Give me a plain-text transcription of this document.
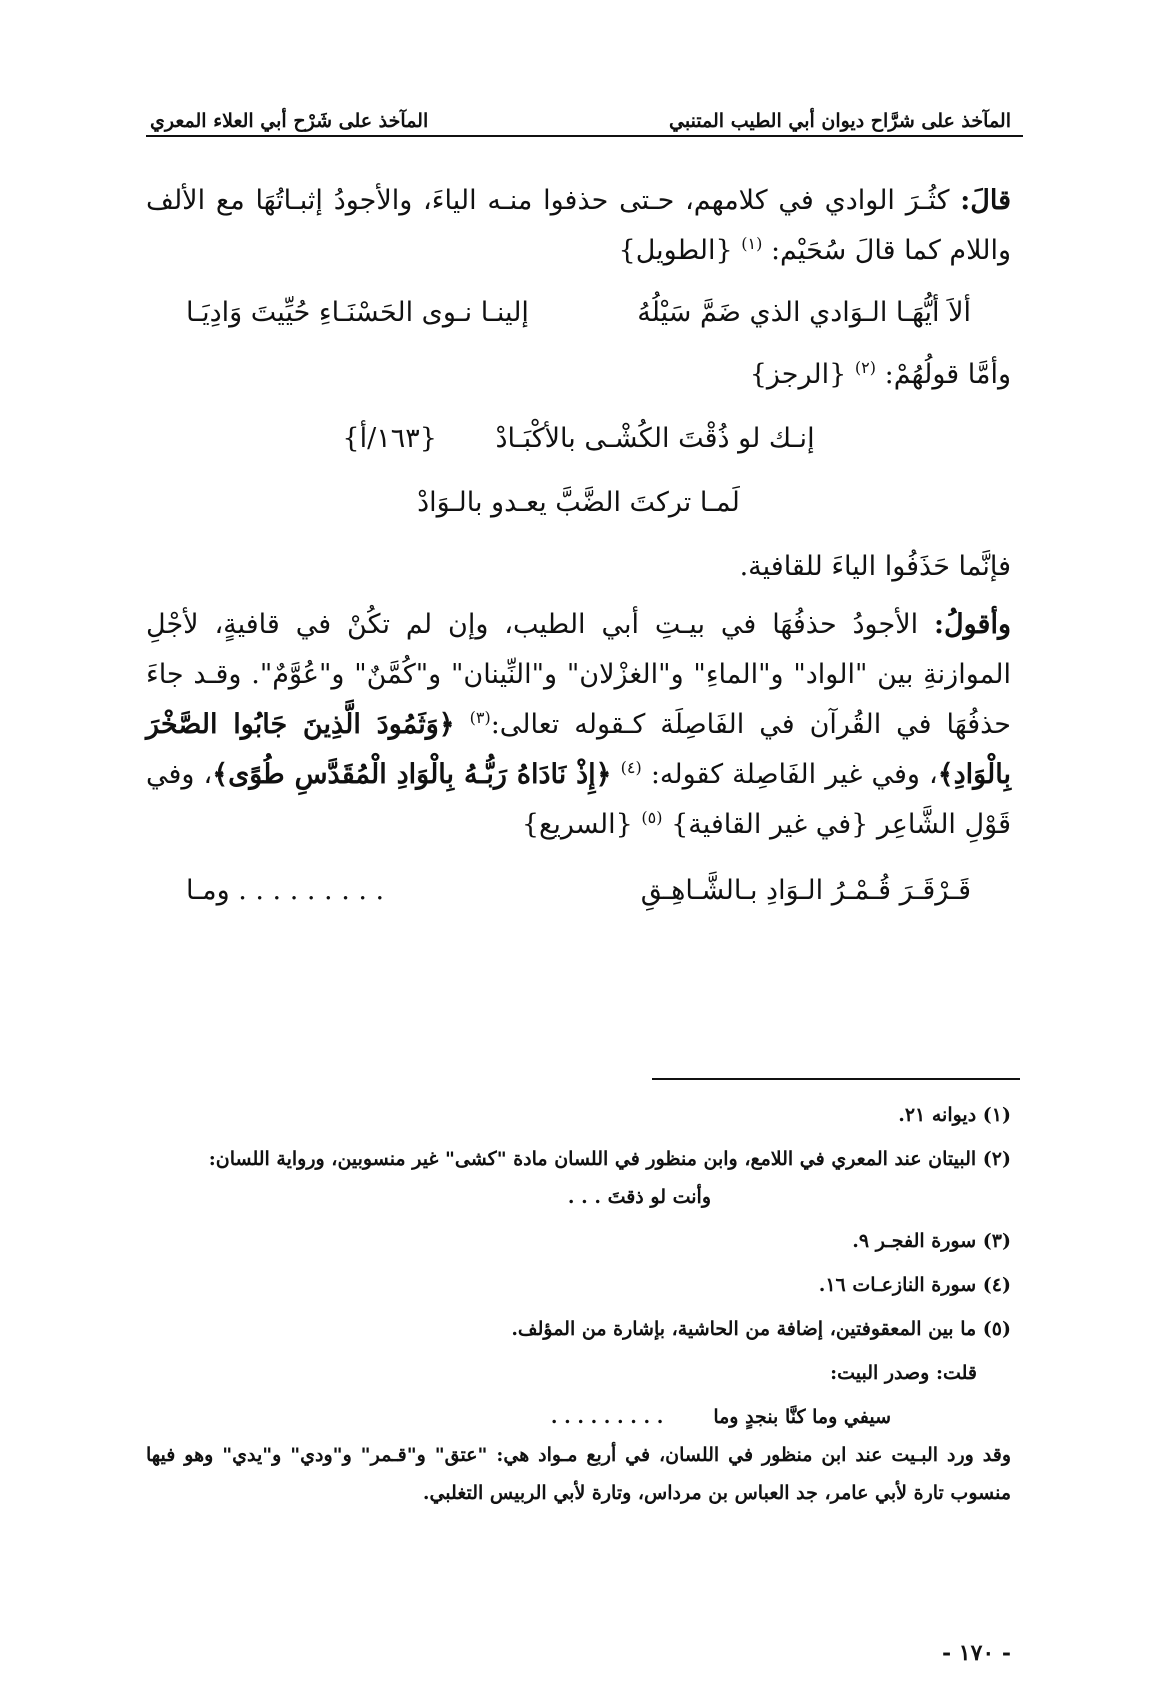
المآخذ على شرَّاح ديوان أبي الطيب المتنبي
المآخذ على شَرْح أبي العلاء المعري

قالَ: كثُـرَ الوادي في كلامهم، حـتى حذفوا منـه الياءَ، والأجودُ إثبـاتُهَا مع الألف واللام كما قالَ سُحَيْم: $^{(١)}$ {الطويل}

ألاَ أيُّهَـا الـوَادي الذي ضَمَّ سَيْلُهُ
إلينـا نـوى الحَسْنَـاءِ حُيِّيتَ وَادِيَـا

وأمَّا قولُهُمْ: $^{(٢)}$ {الرجز}

إنـك لو ذُقْتَ الكُشْـى بالأكْبَـادْ {١٦٣/أ}
لَمـا تركتَ الضَّبَّ يعـدو بالـوَادْ

فإنَّما حَذَفُوا الياءَ للقافية.

وأقولُ: الأجودُ حذفُهَا في بيـتِ أبي الطيب، وإن لم تكُنْ في قافيةٍ، لأجْلِ الموازنةِ بين "الواد" و"الماءِ" و"الغزْلان" و"النِّينان" و"كُمَّنٌ" و"عُوَّمٌ". وقـد جاءَ حذفُهَا في القُرآن في الفَاصِلَة كـقوله تعالى:$^{(٣)}$ ﴿وَثَمُودَ الَّذِينَ جَابُوا الصَّخْرَ بِالْوَادِ﴾، وفي غير الفَاصِلة كقوله: $^{(٤)}$ ﴿إِذْ نَادَاهُ رَبُّـهُ بِالْوَادِ الْمُقَدَّسِ طُوًى﴾، وفي قَوْلِ الشَّاعِر {في غير القافية} $^{(٥)}$ {السريع}

قَـرْقَـرَ قُـمْـرُ الـوَادِ بـالشَّـاهِـقِ
. . . . . . . . . ومـا

(١) ديوانه ٢١.

(٢) البيتان عند المعري في اللامع، وابن منظور في اللسان مادة "كشى" غير منسوبين، ورواية اللسان:

وأنت لو ذقتَ . . .

(٣) سورة الفجـر ٩.

(٤) سورة النازعـات ١٦.

(٥) ما بين المعقوفتين، إضافة من الحاشية، بإشارة من المؤلف.

قلت: وصدر البيت:

سيفي وما كنَّا بنجدٍ وما
. . . . . . . . .

وقد ورد البـيت عند ابن منظور في اللسان، في أربع مـواد هي: "عتق" و"قـمر" و"ودي" و"يدي" وهو فيها منسوب تارة لأبي عامر، جد العباس بن مرداس، وتارة لأبي الربيس التغلبي.

- ١٧٠ -
